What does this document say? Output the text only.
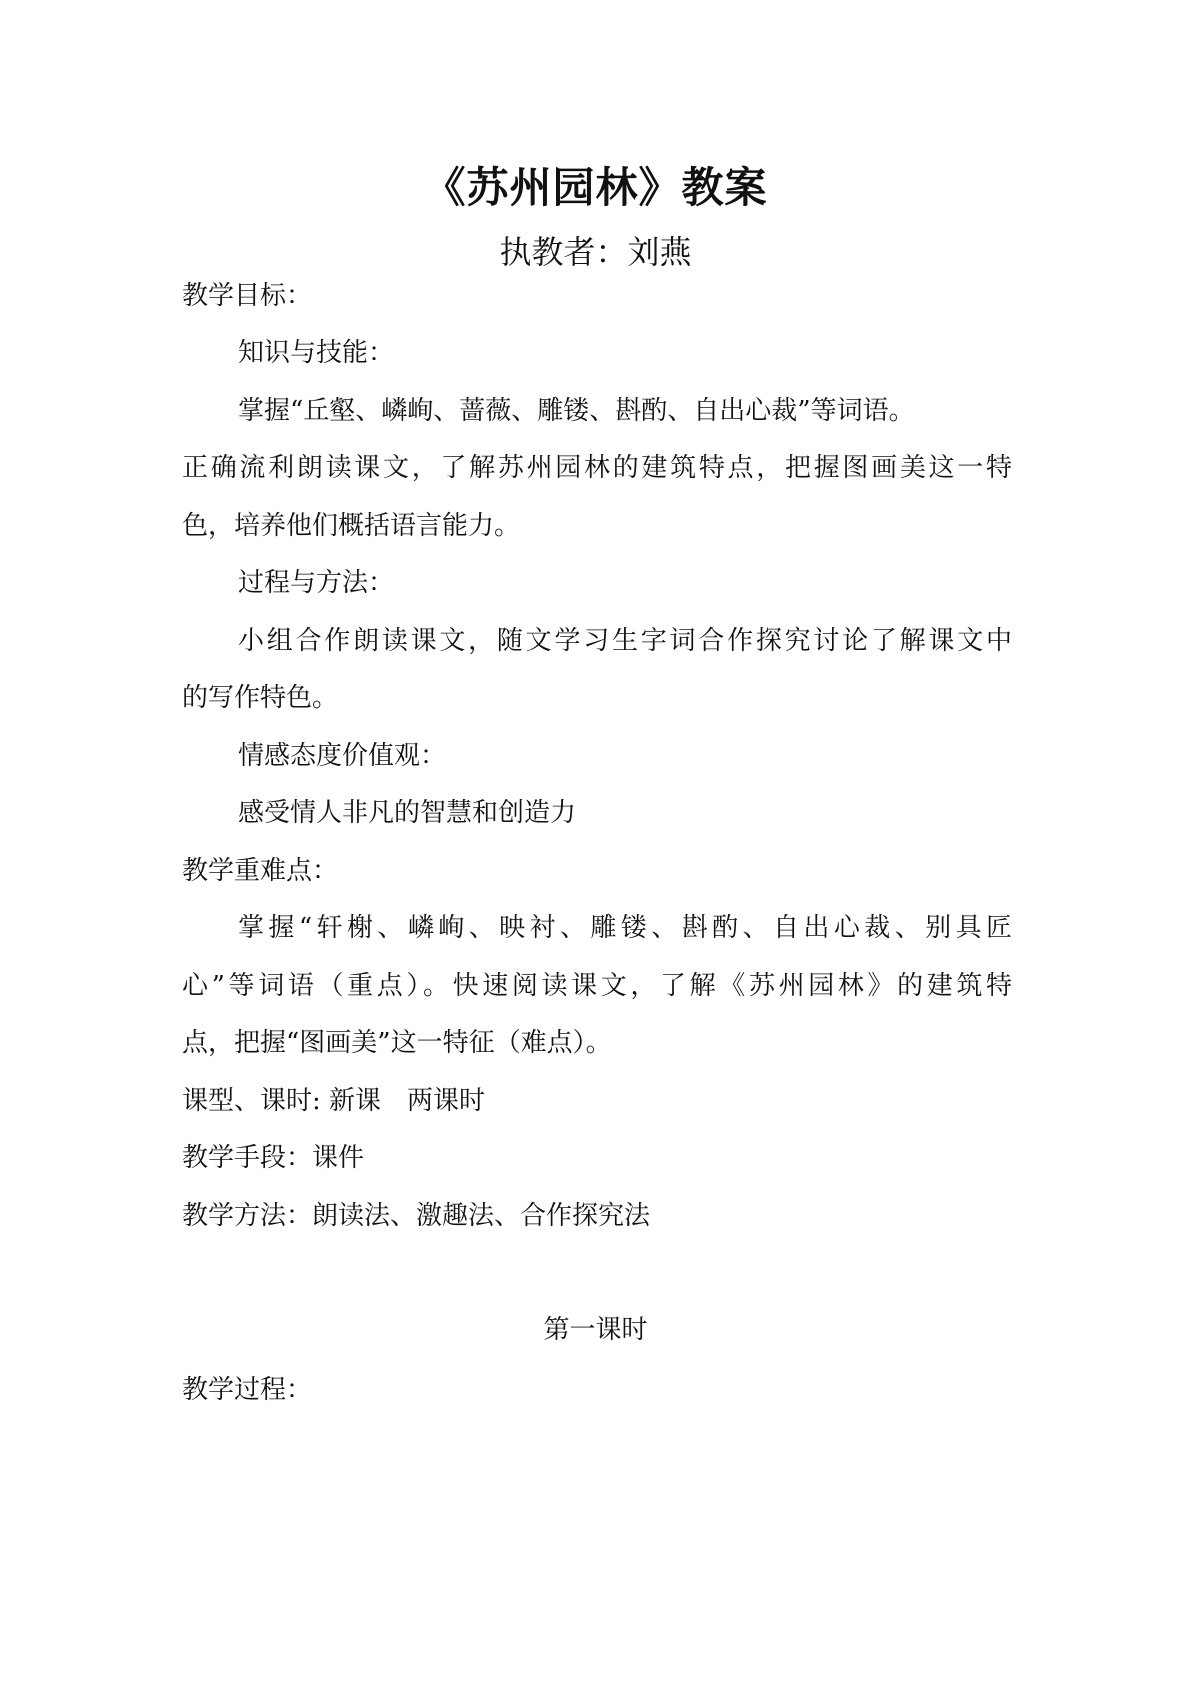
《苏州园林》教案
执教者：刘燕
教学目标：
知识与技能：
掌握“丘壑、嶙峋、蔷薇、雕镂、斟酌、自出心裁”等词语。
正确流利朗读课文，了解苏州园林的建筑特点，把握图画美这一特
色，培养他们概括语言能力。
过程与方法：
小组合作朗读课文，随文学习生字词合作探究讨论了解课文中
的写作特色。
情感态度价值观：
感受情人非凡的智慧和创造力
教学重难点：
掌握“轩榭、嶙峋、映衬、雕镂、斟酌、自出心裁、别具匠
心”等词语（重点）。快速阅读课文，了解《苏州园林》的建筑特
点，把握“图画美”这一特征（难点）。
课型、课时: 新课　两课时
教学手段：课件
教学方法：朗读法、激趣法、合作探究法
第一课时
教学过程：
